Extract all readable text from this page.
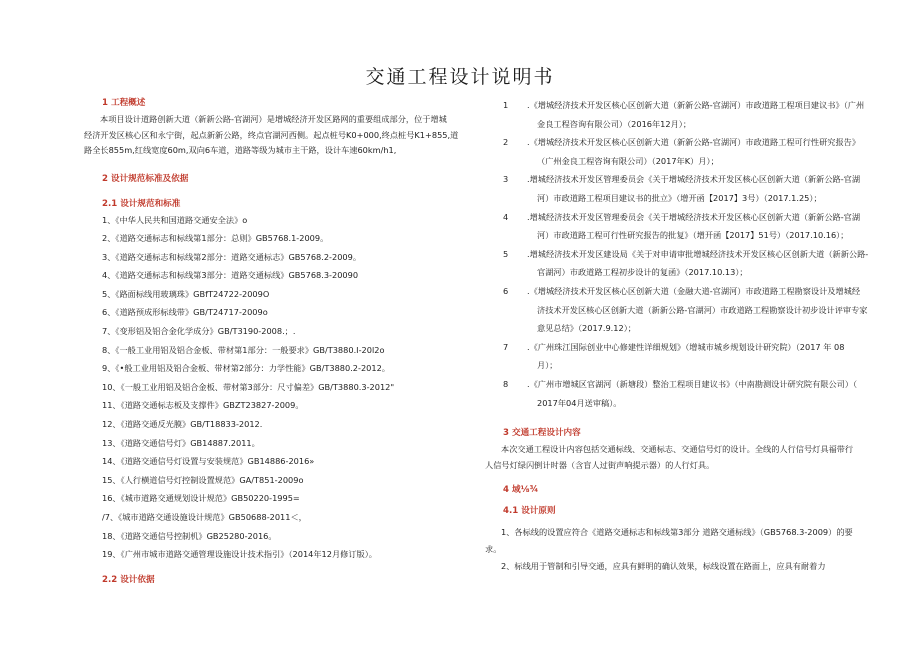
交通工程设计说明书
1 工程概述
本项目设计道路创新大道（新新公路-官湖河）是增城经济开发区路网的重要组成部分，位于增城
经济开发区核心区和永宁街，起点新新公路，终点官湖河西侧。起点桩号K0+000,终点桩号K1+855,道
路全长855m,红线宽度60m,双向6车道，道路等级为城市主干路，设计车速60km/h1,
2 设计规范标准及依据
2.1 设计规范和标准
1、《中华人民共和国道路交通安全法》o
2、《道路交通标志和标线第1部分：总则》GB5768.1-2009。
3、《道路交通标志和标线第2部分：道路交通标志》GB5768.2-2009。
4、《道路交通标志和标线第3部分：道路交通标线》GB5768.3-20090
5、《路面标线用玻璃珠》GBfT24722-2009O
6、《道路预成形标线带》GB/T24717-2009o
7、《变形铝及铝合金化学成分》GB/T3190-2008.；.
8、《一般工业用铝及铝合金板、带材第1部分：一般要求》GB/T3880.I-20l2o
9、《•般工业用铝及铝合金板、带材第2部分：力学性能》GB/T3880.2-2012。
10、《一般工业用铝及铝合金板、带材第3部分：尺寸偏差》GB/T3880.3-2012"
11、《道路交通标志板及支撑件》GBZT23827-2009。
12、《道路交通反光膜》GB/T18833-2012.
13、《道路交通信号灯》GB14887.2011。
14、《道路交通信号灯设置与安装规范》GB14886-2016»
15、《人行横道信号灯控制设置规范》GA/T851-2009o
16、《城市道路交通规划设计规范》GB50220-1995=
/7、《城市道路交通设施设计规范》GB50688-2011＜，
18、《道路交通信号控制机》GB25280-2016。
19、《广州市城市道路交通管理设施设计技术指引》（2014年12月修订版）。
2.2 设计依据
1	.《增城经济技术开发区核心区创新大道（新新公路-官湖河）市政道路工程项目建议书》（广州
金良工程咨询有限公司）（2016年12月）；
2	.《增城经济技术开发区核心区创新大道（新新公路-官湖河）市政道路工程可行性研究报告》
（广州金良工程咨询有限公司）（2017年K）月）；
3	.增城经济技术开发区管理委员会《关于增城经济技术开发区核心区创新大道（新新公路-官湖
河）市政道路工程项目建议书的批立》（增开函【2017】3号）（2017.1.25）；
4	.增城经济技术开发区管理委员会《关于增城经济技术开发区核心区创新大道（新新公路-官湖
河）市政道路工程可行性研究报告的批复》（增开函【2017】51号）（2017.10.16）；
5	.增城经济技术开发区建设局《关于对申请审批增城经济技术开发区核心区创新大道（新新公路-
官湖河）市政道路工程初步设计的复函》（2017.10.13）；
6	.《增城经济技术开发区核心区创新大道（金融大道-官湖河）市政道路工程勘察设计及增城经
济技术开发区核心区创新大道（新新公路-官湖河）市政道路工程勘察设计初步设计评审专家
意见总结》（2017.9.12）；
7	.《广州珠江国际创业中心修建性详细规划》（增城市城乡规划设计研究院）（2017 年 08
月）；
8	.《广州市增城区官湖河（新塘段）整治工程项目建议书》（中南勘测设计研究院有限公司）（
2017年04月送审稿）。
3 交通工程设计内容
本次交通工程设计内容包括交通标线、交通标志、交通信号灯的设计。全线的人行信号灯具福带行
人信号灯绿闪倒计时器（含盲人过街声响提示器）的人行灯具。
4 域⅛¾
4.1 设计原则
1、各标线的设置应符合《道路交通标志和标线第3部分 道路交通标线》（GB5768.3-2009）的要
求。
2、标线用于管制和引导交通，应具有鲜明的确认效果，标线设置在路面上，应具有耐着力
